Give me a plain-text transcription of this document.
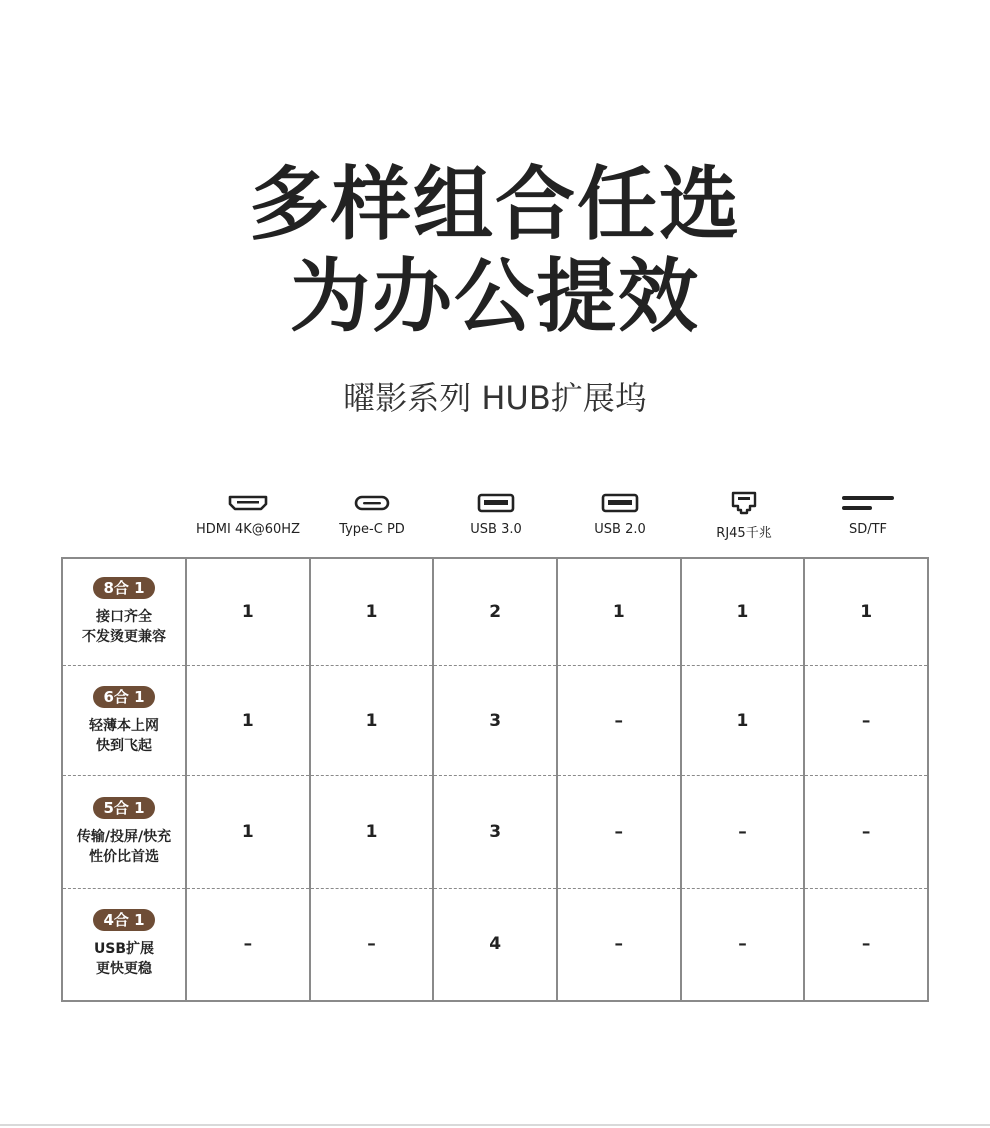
多样组合任选
为办公提效
曜影系列 HUB扩展坞
HDMI 4K@60HZ	Type-C PD	USB 3.0	USB 2.0	RJ45千兆	SD/TF
8合 1
接口齐全
不发烫更兼容	1	1	2	1	1	1

6合 1
轻薄本上网
快到飞起	1	1	3	–	1	–

5合 1
传输/投屏/快充
性价比首选	1	1	3	–	–	–

4合 1
USB扩展
更快更稳	–	–	4	–	–	–
